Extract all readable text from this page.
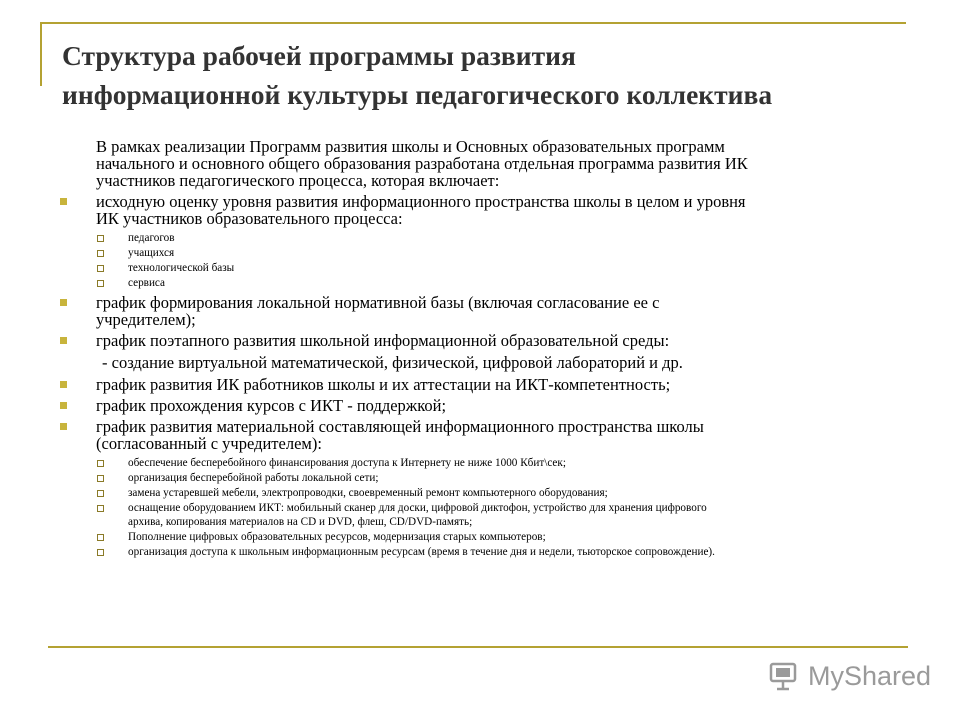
Структура рабочей программы развития
информационной культуры педагогического коллектива
В рамках реализации Программ развития школы и Основных образовательных программ
начального и основного общего образования разработана отдельная программа развития ИК
участников педагогического процесса, которая включает:
исходную оценку уровня развития информационного пространства школы в целом и уровня
ИК участников образовательного процесса:
педагогов
учащихся
технологической базы
сервиса
график формирования локальной нормативной базы (включая согласование ее с
учредителем);
график поэтапного развития школьной информационной образовательной среды:
- создание виртуальной математической, физической, цифровой лабораторий и др.
график развития ИК работников школы и их аттестации на ИКТ-компетентность;
график прохождения курсов с ИКТ - поддержкой;
график развития материальной составляющей информационного пространства школы
(согласованный с учредителем):
обеспечение бесперебойного финансирования доступа к Интернету не ниже 1000 Кбит\сек;
организация бесперебойной работы локальной сети;
замена устаревшей мебели, электропроводки, своевременный ремонт компьютерного оборудования;
оснащение оборудованием ИКТ: мобильный сканер для доски, цифровой диктофон, устройство для хранения цифрового
архива, копирования материалов на CD и DVD, флеш, CD/DVD-память;
Пополнение цифровых образовательных ресурсов, модернизация старых компьютеров;
организация доступа к школьным информационным ресурсам (время в течение дня и недели, тьюторское сопровождение).
MyShared
